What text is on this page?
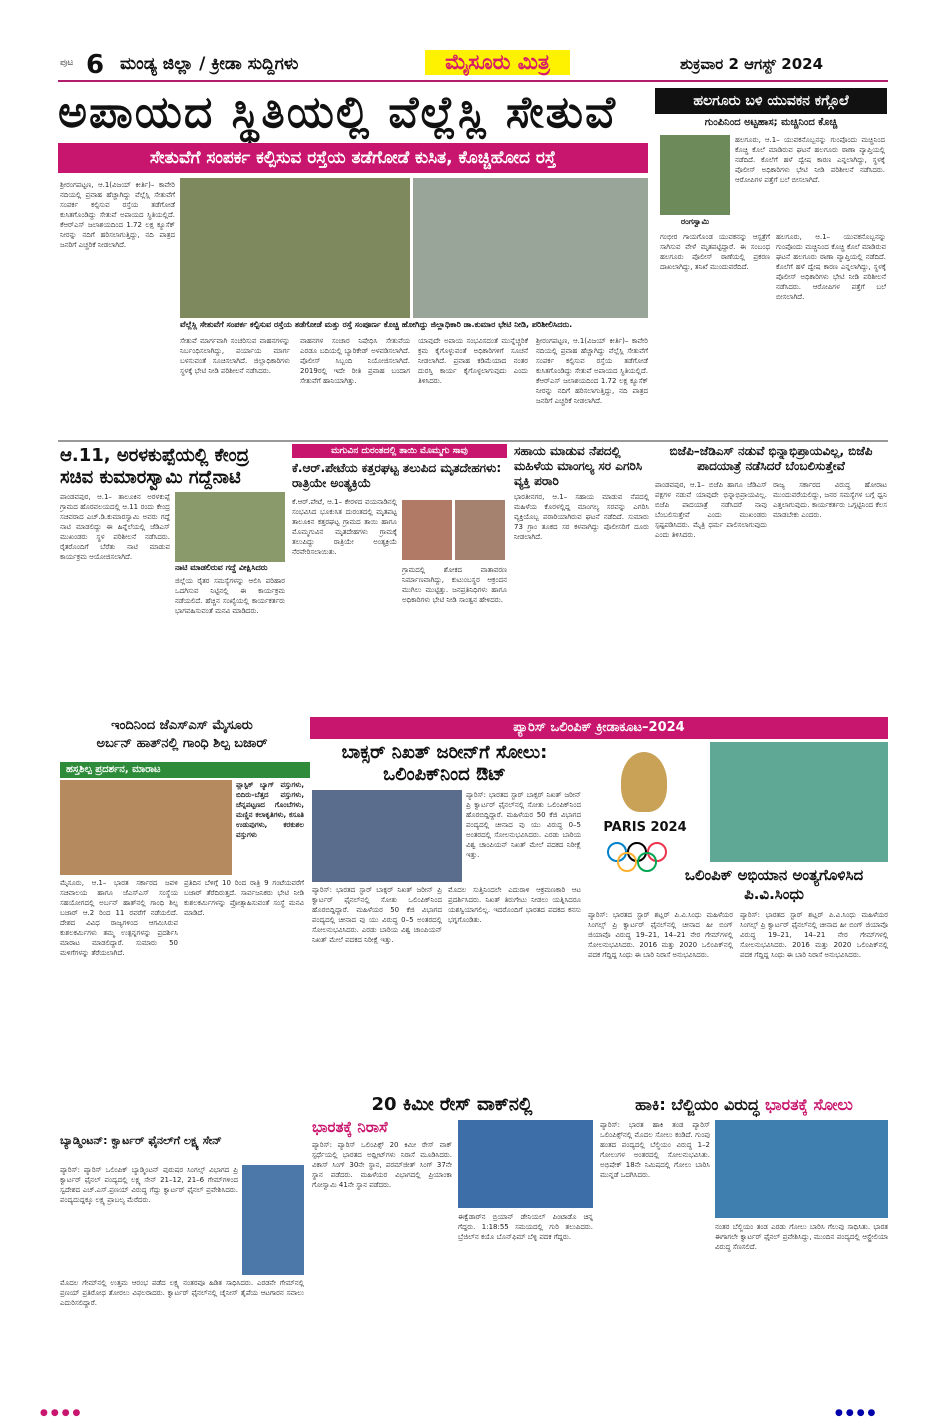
ಪುಟ 6 ಮಂಡ್ಯ ಜಿಲ್ಲಾ / ಕ್ರೀಡಾ ಸುದ್ದಿಗಳು	ಮೈಸೂರು ಮಿತ್ರ	ಶುಕ್ರವಾರ 2 ಆಗಸ್ಟ್ 2024
ಅಪಾಯದ ಸ್ಥಿತಿಯಲ್ಲಿ ವೆಲ್ಲೆಸ್ಲಿ ಸೇತುವೆ
ಸೇತುವೆಗೆ ಸಂಪರ್ಕ ಕಲ್ಪಿಸುವ ರಸ್ತೆಯ ತಡೆಗೋಡೆ ಕುಸಿತ, ಕೊಚ್ಚಿಹೋದ ರಸ್ತೆ
ವೆಲ್ಲೆಸ್ಲಿ ಸೇತುವೆಗೆ ಸಂಪರ್ಕ ಕಲ್ಪಿಸುವ ರಸ್ತೆಯ ತಡೆಗೋಡೆ ಮತ್ತು ರಸ್ತೆ ಸಂಪೂರ್ಣ ಕೊಚ್ಚಿ ಹೋಗಿದ್ದು ಜಿಲ್ಲಾಧಿಕಾರಿ ಡಾ.ಕುಮಾರ ಭೇಟಿ ನೀಡಿ, ಪರಿಶೀಲಿಸಿದರು.
ಶ್ರೀರಂಗಪಟ್ಟಣ, ಆ.1(ವಿಜಯ್ ಕೀರ್ತಿ)– ಕಾವೇರಿ ನದಿಯಲ್ಲಿ ಪ್ರವಾಹ ಹೆಚ್ಚಾಗಿದ್ದು ವೆಲ್ಲೆಸ್ಲಿ ಸೇತುವೆಗೆ ಸಂಪರ್ಕ ಕಲ್ಪಿಸುವ ರಸ್ತೆಯ ತಡೆಗೋಡೆ ಕುಸಿತಗೊಂಡಿದ್ದು ಸೇತುವೆ ಅಪಾಯದ ಸ್ಥಿತಿಯಲ್ಲಿದೆ. ಕೆಆರ್‌ಎಸ್ ಜಲಾಶಯದಿಂದ 1.72 ಲಕ್ಷ ಕ್ಯೂಸೆಕ್ ನೀರನ್ನು ನದಿಗೆ ಹರಿಸಲಾಗುತ್ತಿದ್ದು, ನದಿ ಪಾತ್ರದ ಜನರಿಗೆ ಎಚ್ಚರಿಕೆ ನೀಡಲಾಗಿದೆ.
ಸೇತುವೆ ಮಾರ್ಗವಾಗಿ ಸಂಚರಿಸುವ ವಾಹನಗಳನ್ನು ನಿರ್ಬಂಧಿಸಲಾಗಿದ್ದು, ಪರ್ಯಾಯ ಮಾರ್ಗ ಬಳಸುವಂತೆ ಸೂಚಿಸಲಾಗಿದೆ. ಜಿಲ್ಲಾಧಿಕಾರಿಗಳು ಸ್ಥಳಕ್ಕೆ ಭೇಟಿ ನೀಡಿ ಪರಿಶೀಲನೆ ನಡೆಸಿದರು.
ವಾಹನಗಳ ಸಂಚಾರ ನಿಷೇಧಿಸಿ ಸೇತುವೆಯ ಎರಡೂ ಬದಿಯಲ್ಲಿ ಬ್ಯಾರಿಕೇಡ್ ಅಳವಡಿಸಲಾಗಿದೆ. ಪೊಲೀಸ್ ಸಿಬ್ಬಂದಿ ನಿಯೋಜಿಸಲಾಗಿದೆ. 2019ರಲ್ಲಿ ಇದೇ ರೀತಿ ಪ್ರವಾಹ ಬಂದಾಗ ಸೇತುವೆಗೆ ಹಾನಿಯಾಗಿತ್ತು.
ಯಾವುದೇ ಅಪಾಯ ಸಂಭವಿಸದಂತೆ ಮುನ್ನೆಚ್ಚರಿಕೆ ಕ್ರಮ ಕೈಗೊಳ್ಳುವಂತೆ ಅಧಿಕಾರಿಗಳಿಗೆ ಸೂಚನೆ ನೀಡಲಾಗಿದೆ. ಪ್ರವಾಹ ಕಡಿಮೆಯಾದ ನಂತರ ದುರಸ್ತಿ ಕಾರ್ಯ ಕೈಗೊಳ್ಳಲಾಗುವುದು ಎಂದು ತಿಳಿಸಿದರು.
ಶ್ರೀರಂಗಪಟ್ಟಣ, ಆ.1(ವಿಜಯ್ ಕೀರ್ತಿ)– ಕಾವೇರಿ ನದಿಯಲ್ಲಿ ಪ್ರವಾಹ ಹೆಚ್ಚಾಗಿದ್ದು ವೆಲ್ಲೆಸ್ಲಿ ಸೇತುವೆಗೆ ಸಂಪರ್ಕ ಕಲ್ಪಿಸುವ ರಸ್ತೆಯ ತಡೆಗೋಡೆ ಕುಸಿತಗೊಂಡಿದ್ದು ಸೇತುವೆ ಅಪಾಯದ ಸ್ಥಿತಿಯಲ್ಲಿದೆ. ಕೆಆರ್‌ಎಸ್ ಜಲಾಶಯದಿಂದ 1.72 ಲಕ್ಷ ಕ್ಯೂಸೆಕ್ ನೀರನ್ನು ನದಿಗೆ ಹರಿಸಲಾಗುತ್ತಿದ್ದು, ನದಿ ಪಾತ್ರದ ಜನರಿಗೆ ಎಚ್ಚರಿಕೆ ನೀಡಲಾಗಿದೆ.
ಹಲಗೂರು ಬಳಿ ಯುವಕನ ಕಗ್ಗೊಲೆ
ಗುಂಪಿನಿಂದ ಅಟ್ಟಹಾಸ; ಮಚ್ಚಿನಿಂದ ಕೊಚ್ಚಿ
ರಂಗಸ್ವಾಮಿ
ಹಲಗೂರು, ಆ.1– ಯುವಕನೊಬ್ಬನನ್ನು ಗುಂಪೊಂದು ಮಚ್ಚಿನಿಂದ ಕೊಚ್ಚಿ ಕೊಲೆ ಮಾಡಿರುವ ಘಟನೆ ಹಲಗೂರು ಠಾಣಾ ವ್ಯಾಪ್ತಿಯಲ್ಲಿ ನಡೆದಿದೆ. ಕೊಲೆಗೆ ಹಳೆ ದ್ವೇಷ ಕಾರಣ ಎನ್ನಲಾಗಿದ್ದು, ಸ್ಥಳಕ್ಕೆ ಪೊಲೀಸ್ ಅಧಿಕಾರಿಗಳು ಭೇಟಿ ನೀಡಿ ಪರಿಶೀಲನೆ ನಡೆಸಿದರು. ಆರೋಪಿಗಳ ಪತ್ತೆಗೆ ಬಲೆ ಬೀಸಲಾಗಿದೆ.
ಗಂಭೀರ ಗಾಯಗೊಂಡ ಯುವಕನನ್ನು ಆಸ್ಪತ್ರೆಗೆ ಸಾಗಿಸುವ ವೇಳೆ ಮೃತಪಟ್ಟಿದ್ದಾರೆ. ಈ ಸಂಬಂಧ ಹಲಗೂರು ಪೊಲೀಸ್ ಠಾಣೆಯಲ್ಲಿ ಪ್ರಕರಣ ದಾಖಲಾಗಿದ್ದು, ತನಿಖೆ ಮುಂದುವರೆದಿದೆ.
ಹಲಗೂರು, ಆ.1– ಯುವಕನೊಬ್ಬನನ್ನು ಗುಂಪೊಂದು ಮಚ್ಚಿನಿಂದ ಕೊಚ್ಚಿ ಕೊಲೆ ಮಾಡಿರುವ ಘಟನೆ ಹಲಗೂರು ಠಾಣಾ ವ್ಯಾಪ್ತಿಯಲ್ಲಿ ನಡೆದಿದೆ. ಕೊಲೆಗೆ ಹಳೆ ದ್ವೇಷ ಕಾರಣ ಎನ್ನಲಾಗಿದ್ದು, ಸ್ಥಳಕ್ಕೆ ಪೊಲೀಸ್ ಅಧಿಕಾರಿಗಳು ಭೇಟಿ ನೀಡಿ ಪರಿಶೀಲನೆ ನಡೆಸಿದರು. ಆರೋಪಿಗಳ ಪತ್ತೆಗೆ ಬಲೆ ಬೀಸಲಾಗಿದೆ.
ಆ.11, ಅರಳಕುಪ್ಪೆಯಲ್ಲಿ ಕೇಂದ್ರ ಸಚಿವ ಕುಮಾರಸ್ವಾಮಿ ಗದ್ದೆನಾಟಿ
ಪಾಂಡವಪುರ, ಆ.1– ತಾಲೂಕಿನ ಅರಳಕುಪ್ಪೆ ಗ್ರಾಮದ ಹೊರವಲಯದಲ್ಲಿ ಆ.11 ರಂದು ಕೇಂದ್ರ ಸಚಿವರಾದ ಎಚ್.ಡಿ.ಕುಮಾರಸ್ವಾಮಿ ಅವರು ಗದ್ದೆ ನಾಟಿ ಮಾಡಲಿದ್ದು ಈ ಹಿನ್ನೆಲೆಯಲ್ಲಿ ಜೆಡಿಎಸ್ ಮುಖಂಡರು ಸ್ಥಳ ಪರಿಶೀಲನೆ ನಡೆಸಿದರು. ರೈತರೊಂದಿಗೆ ಬೆರೆತು ನಾಟಿ ಮಾಡುವ ಕಾರ್ಯಕ್ರಮ ಆಯೋಜಿಸಲಾಗಿದೆ.
ನಾಟಿ ಮಾಡಲಿರುವ ಗದ್ದೆ ವೀಕ್ಷಿಸಿದರು
ಜಿಲ್ಲೆಯ ರೈತರ ಸಮಸ್ಯೆಗಳನ್ನು ಆಲಿಸಿ ಪರಿಹಾರ ಒದಗಿಸುವ ನಿಟ್ಟಿನಲ್ಲಿ ಈ ಕಾರ್ಯಕ್ರಮ ನಡೆಯಲಿದೆ. ಹೆಚ್ಚಿನ ಸಂಖ್ಯೆಯಲ್ಲಿ ಕಾರ್ಯಕರ್ತರು ಭಾಗವಹಿಸುವಂತೆ ಮನವಿ ಮಾಡಿದರು.
ಮಗುವಿನ ದುರಂತದಲ್ಲಿ ತಾಯಿ ಮೊಮ್ಮಗು ಸಾವು
ಕೆ.ಆರ್.ಪೇಟೆಯ ಕತ್ತರಘಟ್ಟ ತಲುಪಿದ ಮೃತದೇಹಗಳು: ರಾತ್ರಿಯೇ ಅಂತ್ಯಕ್ರಿಯೆ
ಕೆ.ಆರ್.ಪೇಟೆ, ಆ.1– ಕೇರಳದ ವಯನಾಡಿನಲ್ಲಿ ಸಂಭವಿಸಿದ ಭೂಕುಸಿತ ದುರಂತದಲ್ಲಿ ಮೃತಪಟ್ಟ ತಾಲೂಕಿನ ಕತ್ತರಘಟ್ಟ ಗ್ರಾಮದ ತಾಯಿ ಹಾಗೂ ಮೊಮ್ಮಗುವಿನ ಮೃತದೇಹಗಳು ಗ್ರಾಮಕ್ಕೆ ತಲುಪಿದ್ದು ರಾತ್ರಿಯೇ ಅಂತ್ಯಕ್ರಿಯೆ ನೆರವೇರಿಸಲಾಯಿತು.
ಗ್ರಾಮದಲ್ಲಿ ಶೋಕದ ವಾತಾವರಣ ನಿರ್ಮಾಣವಾಗಿದ್ದು, ಕುಟುಂಬಸ್ಥರ ಆಕ್ರಂದನ ಮುಗಿಲು ಮುಟ್ಟಿತ್ತು. ಜನಪ್ರತಿನಿಧಿಗಳು ಹಾಗೂ ಅಧಿಕಾರಿಗಳು ಭೇಟಿ ನೀಡಿ ಸಾಂತ್ವನ ಹೇಳಿದರು.
ಸಹಾಯ ಮಾಡುವ ನೆಪದಲ್ಲಿ ಮಹಿಳೆಯ ಮಾಂಗಲ್ಯ ಸರ ಎಗರಿಸಿ ವ್ಯಕ್ತಿ ಪರಾರಿ
ಭಾರತೀನಗರ, ಆ.1– ಸಹಾಯ ಮಾಡುವ ನೆಪದಲ್ಲಿ ಮಹಿಳೆಯ ಕೊರಳಲ್ಲಿದ್ದ ಮಾಂಗಲ್ಯ ಸರವನ್ನು ಎಗರಿಸಿ ವ್ಯಕ್ತಿಯೊಬ್ಬ ಪರಾರಿಯಾಗಿರುವ ಘಟನೆ ನಡೆದಿದೆ. ಸುಮಾರು 73 ಗ್ರಾಂ ತೂಕದ ಸರ ಕಳವಾಗಿದ್ದು ಪೊಲೀಸರಿಗೆ ದೂರು ನೀಡಲಾಗಿದೆ.
ಬಿಜೆಪಿ–ಜೆಡಿಎಸ್ ನಡುವೆ ಭಿನ್ನಾಭಿಪ್ರಾಯವಿಲ್ಲ, ಬಿಜೆಪಿ ಪಾದಯಾತ್ರೆ ನಡೆಸಿದರೆ ಬೆಂಬಲಿಸುತ್ತೇವೆ
ಪಾಂಡವಪುರ, ಆ.1– ಬಿಜೆಪಿ ಹಾಗೂ ಜೆಡಿಎಸ್ ಪಕ್ಷಗಳ ನಡುವೆ ಯಾವುದೇ ಭಿನ್ನಾಭಿಪ್ರಾಯವಿಲ್ಲ. ಬಿಜೆಪಿ ಪಾದಯಾತ್ರೆ ನಡೆಸಿದರೆ ನಾವು ಬೆಂಬಲಿಸುತ್ತೇವೆ ಎಂದು ಮುಖಂಡರು ಸ್ಪಷ್ಟಪಡಿಸಿದರು. ಮೈತ್ರಿ ಧರ್ಮ ಪಾಲಿಸಲಾಗುವುದು ಎಂದು ತಿಳಿಸಿದರು.
ರಾಜ್ಯ ಸರ್ಕಾರದ ವಿರುದ್ಧ ಹೋರಾಟ ಮುಂದುವರೆಯಲಿದ್ದು, ಜನರ ಸಮಸ್ಯೆಗಳ ಬಗ್ಗೆ ಧ್ವನಿ ಎತ್ತಲಾಗುವುದು. ಕಾರ್ಯಕರ್ತರು ಒಗ್ಗಟ್ಟಿನಿಂದ ಕೆಲಸ ಮಾಡಬೇಕು ಎಂದರು.
ಇಂದಿನಿಂದ ಜೆಎಸ್‌ಎಸ್ ಮೈಸೂರು
ಅರ್ಬನ್ ಹಾತ್‌ನಲ್ಲಿ ಗಾಂಧಿ ಶಿಲ್ಪ ಬಜಾರ್
ಹಸ್ತಶಿಲ್ಪ ಪ್ರದರ್ಶನ, ಮಾರಾಟ
ಪ್ಲಾಸ್ಟಿಕ್ ಬ್ಯಾಗ್ ವಸ್ತುಗಳು, ಬಿದಿರು–ಬೆತ್ತದ ವಸ್ತುಗಳು, ಚೆನ್ನಪಟ್ಟಣದ ಗೊಂಬೆಗಳು, ಮಣ್ಣಿನ ಕಲಾಕೃತಿಗಳು, ಕಸೂತಿ ಉಡುಪುಗಳು, ಕರಕುಶಲ ವಸ್ತುಗಳು
ಮೈಸೂರು, ಆ.1– ಭಾರತ ಸರ್ಕಾರದ ಜವಳಿ ಸಚಿವಾಲಯ ಹಾಗೂ ಜೆಎಸ್‌ಎಸ್ ಸಂಸ್ಥೆಯ ಸಹಯೋಗದಲ್ಲಿ ಅರ್ಬನ್ ಹಾತ್‌ನಲ್ಲಿ ಗಾಂಧಿ ಶಿಲ್ಪ ಬಜಾರ್ ಆ.2 ರಿಂದ 11 ರವರೆಗೆ ನಡೆಯಲಿದೆ. ದೇಶದ ವಿವಿಧ ರಾಜ್ಯಗಳಿಂದ ಆಗಮಿಸಿರುವ ಕುಶಲಕರ್ಮಿಗಳು ತಮ್ಮ ಉತ್ಪನ್ನಗಳನ್ನು ಪ್ರದರ್ಶಿಸಿ ಮಾರಾಟ ಮಾಡಲಿದ್ದಾರೆ. ಸುಮಾರು 50 ಮಳಿಗೆಗಳನ್ನು ತೆರೆಯಲಾಗಿದೆ.
ಪ್ರತಿದಿನ ಬೆಳಿಗ್ಗೆ 10 ರಿಂದ ರಾತ್ರಿ 9 ಗಂಟೆಯವರೆಗೆ ಬಜಾರ್ ತೆರೆದಿರುತ್ತದೆ. ಸಾರ್ವಜನಿಕರು ಭೇಟಿ ನೀಡಿ ಕುಶಲಕರ್ಮಿಗಳನ್ನು ಪ್ರೋತ್ಸಾಹಿಸುವಂತೆ ಸಂಸ್ಥೆ ಮನವಿ ಮಾಡಿದೆ.
ಬ್ಯಾಡ್ಮಿಂಟನ್: ಕ್ವಾರ್ಟರ್ ಫೈನಲ್‌ಗೆ ಲಕ್ಷ್ಯ ಸೇನ್
ಪ್ಯಾರಿಸ್: ಪ್ಯಾರಿಸ್ ಒಲಿಂಪಿಕ್ ಬ್ಯಾಡ್ಮಿಂಟನ್ ಪುರುಷರ ಸಿಂಗಲ್ಸ್ ವಿಭಾಗದ ಪ್ರಿ ಕ್ವಾರ್ಟರ್ ಫೈನಲ್ ಪಂದ್ಯದಲ್ಲಿ ಲಕ್ಷ್ಯ ಸೇನ್ 21–12, 21–6 ಗೇಮ್‌ಗಳಿಂದ ಸ್ವದೇಶದ ಎಚ್.ಎಸ್.ಪ್ರಣಯ್ ವಿರುದ್ಧ ಗೆದ್ದು ಕ್ವಾರ್ಟರ್ ಫೈನಲ್ ಪ್ರವೇಶಿಸಿದರು. ಪಂದ್ಯದುದ್ದಕ್ಕೂ ಲಕ್ಷ್ಯ ಪ್ರಾಬಲ್ಯ ಮೆರೆದರು.
ಮೊದಲ ಗೇಮ್‌ನಲ್ಲಿ ಉತ್ತಮ ಆರಂಭ ಪಡೆದ ಲಕ್ಷ್ಯ ನಂತರವೂ ಹಿಡಿತ ಸಾಧಿಸಿದರು. ಎರಡನೇ ಗೇಮ್‌ನಲ್ಲಿ ಪ್ರಣಯ್ ಪ್ರತಿರೋಧ ತೋರಲು ವಿಫಲರಾದರು. ಕ್ವಾರ್ಟರ್ ಫೈನಲ್‌ನಲ್ಲಿ ಚೈನೀಸ್ ತೈಪೆಯ ಆಟಗಾರನ ಸವಾಲು ಎದುರಿಸಲಿದ್ದಾರೆ.
ಪ್ಯಾರಿಸ್ ಒಲಿಂಪಿಕ್ ಕ್ರೀಡಾಕೂಟ–2024
ಬಾಕ್ಸರ್ ನಿಖತ್ ಜರೀನ್‌ಗೆ ಸೋಲು: ಒಲಿಂಪಿಕ್‌ನಿಂದ ಔಟ್
ಪ್ಯಾರಿಸ್: ಭಾರತದ ಸ್ಟಾರ್ ಬಾಕ್ಸರ್ ನಿಖತ್ ಜರೀನ್ ಪ್ರಿ ಕ್ವಾರ್ಟರ್ ಫೈನಲ್‌ನಲ್ಲಿ ಸೋತು ಒಲಿಂಪಿಕ್‌ನಿಂದ ಹೊರಬಿದ್ದಿದ್ದಾರೆ. ಮಹಿಳೆಯರ 50 ಕೆಜಿ ವಿಭಾಗದ ಪಂದ್ಯದಲ್ಲಿ ಚೀನಾದ ವು ಯು ವಿರುದ್ಧ 0–5 ಅಂತರದಲ್ಲಿ ಸೋಲನುಭವಿಸಿದರು. ಎರಡು ಬಾರಿಯ ವಿಶ್ವ ಚಾಂಪಿಯನ್ ನಿಖತ್ ಮೇಲೆ ಪದಕದ ನಿರೀಕ್ಷೆ ಇತ್ತು.
ಪ್ಯಾರಿಸ್: ಭಾರತದ ಸ್ಟಾರ್ ಬಾಕ್ಸರ್ ನಿಖತ್ ಜರೀನ್ ಪ್ರಿ ಕ್ವಾರ್ಟರ್ ಫೈನಲ್‌ನಲ್ಲಿ ಸೋತು ಒಲಿಂಪಿಕ್‌ನಿಂದ ಹೊರಬಿದ್ದಿದ್ದಾರೆ. ಮಹಿಳೆಯರ 50 ಕೆಜಿ ವಿಭಾಗದ ಪಂದ್ಯದಲ್ಲಿ ಚೀನಾದ ವು ಯು ವಿರುದ್ಧ 0–5 ಅಂತರದಲ್ಲಿ ಸೋಲನುಭವಿಸಿದರು. ಎರಡು ಬಾರಿಯ ವಿಶ್ವ ಚಾಂಪಿಯನ್ ನಿಖತ್ ಮೇಲೆ ಪದಕದ ನಿರೀಕ್ಷೆ ಇತ್ತು.
ಮೊದಲ ಸುತ್ತಿನಿಂದಲೇ ಎದುರಾಳಿ ಆಕ್ರಮಣಕಾರಿ ಆಟ ಪ್ರದರ್ಶಿಸಿದರು. ನಿಖತ್ ತಿರುಗೇಟು ನೀಡಲು ಯತ್ನಿಸಿದರೂ ಯಶಸ್ವಿಯಾಗಲಿಲ್ಲ. ಇದರೊಂದಿಗೆ ಭಾರತದ ಪದಕದ ಕನಸು ಭಗ್ನಗೊಂಡಿತು.
PARIS 2024
ಒಲಿಂಪಿಕ್ ಅಭಿಯಾನ ಅಂತ್ಯಗೊಳಿಸಿದ ಪಿ.ವಿ.ಸಿಂಧು
ಪ್ಯಾರಿಸ್: ಭಾರತದ ಸ್ಟಾರ್ ಶಟ್ಲರ್ ಪಿ.ವಿ.ಸಿಂಧು ಮಹಿಳೆಯರ ಸಿಂಗಲ್ಸ್ ಪ್ರಿ ಕ್ವಾರ್ಟರ್ ಫೈನಲ್‌ನಲ್ಲಿ ಚೀನಾದ ಹೀ ಬಿಂಗ್ ಜಿಯಾವೊ ವಿರುದ್ಧ 19–21, 14–21 ನೇರ ಗೇಮ್‌ಗಳಲ್ಲಿ ಸೋಲನುಭವಿಸಿದರು. 2016 ಮತ್ತು 2020 ಒಲಿಂಪಿಕ್‌ನಲ್ಲಿ ಪದಕ ಗೆದ್ದಿದ್ದ ಸಿಂಧು ಈ ಬಾರಿ ನಿರಾಸೆ ಅನುಭವಿಸಿದರು.
ಪ್ಯಾರಿಸ್: ಭಾರತದ ಸ್ಟಾರ್ ಶಟ್ಲರ್ ಪಿ.ವಿ.ಸಿಂಧು ಮಹಿಳೆಯರ ಸಿಂಗಲ್ಸ್ ಪ್ರಿ ಕ್ವಾರ್ಟರ್ ಫೈನಲ್‌ನಲ್ಲಿ ಚೀನಾದ ಹೀ ಬಿಂಗ್ ಜಿಯಾವೊ ವಿರುದ್ಧ 19–21, 14–21 ನೇರ ಗೇಮ್‌ಗಳಲ್ಲಿ ಸೋಲನುಭವಿಸಿದರು. 2016 ಮತ್ತು 2020 ಒಲಿಂಪಿಕ್‌ನಲ್ಲಿ ಪದಕ ಗೆದ್ದಿದ್ದ ಸಿಂಧು ಈ ಬಾರಿ ನಿರಾಸೆ ಅನುಭವಿಸಿದರು.
20 ಕಿಮೀ ರೇಸ್ ವಾಕ್‌ನಲ್ಲಿ
ಭಾರತಕ್ಕೆ ನಿರಾಸೆ
ಪ್ಯಾರಿಸ್: ಪ್ಯಾರಿಸ್ ಒಲಿಂಪಿಕ್ಸ್ 20 ಕಿಮೀ ರೇಸ್ ವಾಕ್ ಸ್ಪರ್ಧೆಯಲ್ಲಿ ಭಾರತದ ಅಥ್ಲೀಟ್‌ಗಳು ನಿರಾಸೆ ಮೂಡಿಸಿದರು. ವಿಕಾಸ್ ಸಿಂಗ್ 30ನೇ ಸ್ಥಾನ, ಪರಮ್‌ಜೀತ್ ಸಿಂಗ್ 37ನೇ ಸ್ಥಾನ ಪಡೆದರು. ಮಹಿಳೆಯರ ವಿಭಾಗದಲ್ಲಿ ಪ್ರಿಯಾಂಕಾ ಗೋಸ್ವಾಮಿ 41ನೇ ಸ್ಥಾನ ಪಡೆದರು.
ಈಕ್ವೆಡಾರ್‌ನ ಬ್ರಿಯಾನ್ ಡೇನಿಯಲ್ ಪಿಂಟಾಡೊ ಚಿನ್ನ ಗೆದ್ದರು. 1:18:55 ಸಮಯದಲ್ಲಿ ಗುರಿ ತಲುಪಿದರು. ಬ್ರೆಜಿಲ್‌ನ ಕಯೊ ಬೊನ್‌ಫಿಮ್ ಬೆಳ್ಳಿ ಪದಕ ಗೆದ್ದರು.
ಹಾಕಿ: ಬೆಲ್ಜಿಯಂ ವಿರುದ್ಧ ಭಾರತಕ್ಕೆ ಸೋಲು
ಪ್ಯಾರಿಸ್: ಭಾರತ ಹಾಕಿ ತಂಡ ಪ್ಯಾರಿಸ್ ಒಲಿಂಪಿಕ್ಸ್‌ನಲ್ಲಿ ಮೊದಲ ಸೋಲು ಕಂಡಿದೆ. ಗುಂಪು ಹಂತದ ಪಂದ್ಯದಲ್ಲಿ ಬೆಲ್ಜಿಯಂ ವಿರುದ್ಧ 1–2 ಗೋಲುಗಳ ಅಂತರದಲ್ಲಿ ಸೋಲನುಭವಿಸಿತು. ಅಭಿಷೇಕ್ 18ನೇ ನಿಮಿಷದಲ್ಲಿ ಗೋಲು ಬಾರಿಸಿ ಮುನ್ನಡೆ ಒದಗಿಸಿದರು.
ನಂತರ ಬೆಲ್ಜಿಯಂ ತಂಡ ಎರಡು ಗೋಲು ಬಾರಿಸಿ ಗೆಲುವು ಸಾಧಿಸಿತು. ಭಾರತ ಈಗಾಗಲೇ ಕ್ವಾರ್ಟರ್ ಫೈನಲ್ ಪ್ರವೇಶಿಸಿದ್ದು, ಮುಂದಿನ ಪಂದ್ಯದಲ್ಲಿ ಆಸ್ಟ್ರೇಲಿಯಾ ವಿರುದ್ಧ ಸೆಣಸಲಿದೆ.
●●●●	●●●●
